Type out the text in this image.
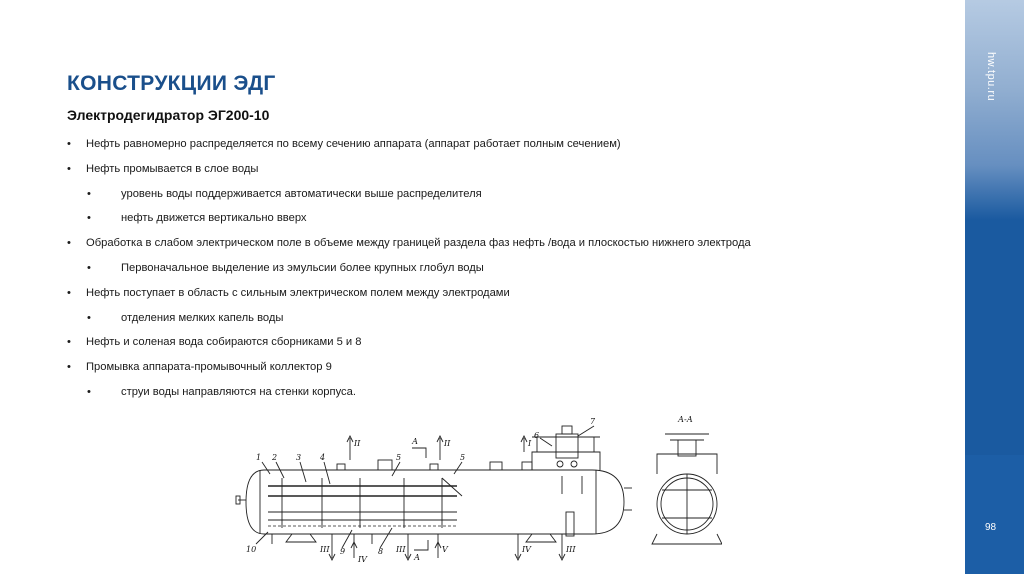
КОНСТРУКЦИИ ЭДГ
Электродегидратор ЭГ200-10
• Нефть равномерно распределяется по всему сечению аппарата (аппарат работает полным сечением)
• Нефть промывается в слое воды
•	уровень воды поддерживается автоматически выше распределителя
•	нефть движется вертикально вверх
• Обработка в слабом электрическом поле в объеме между границей раздела фаз нефть /вода и плоскостью нижнего электрода
•	Первоначальное выделение из эмульсии более крупных глобул воды
• Нефть поступает в область с сильным электрическом полем между электродами
•	отделения мелких капель воды
• Нефть и соленая вода собираются сборниками 5 и 8
• Промывка аппарата-промывочный коллектор 9
•	струи воды направляются на стенки корпуса.
1 2 3 4	5	5
6
7
8
9
10
А
А
II	II	I
III	III	V	IV	III
IV
А-А
hw.tpu.ru
98
